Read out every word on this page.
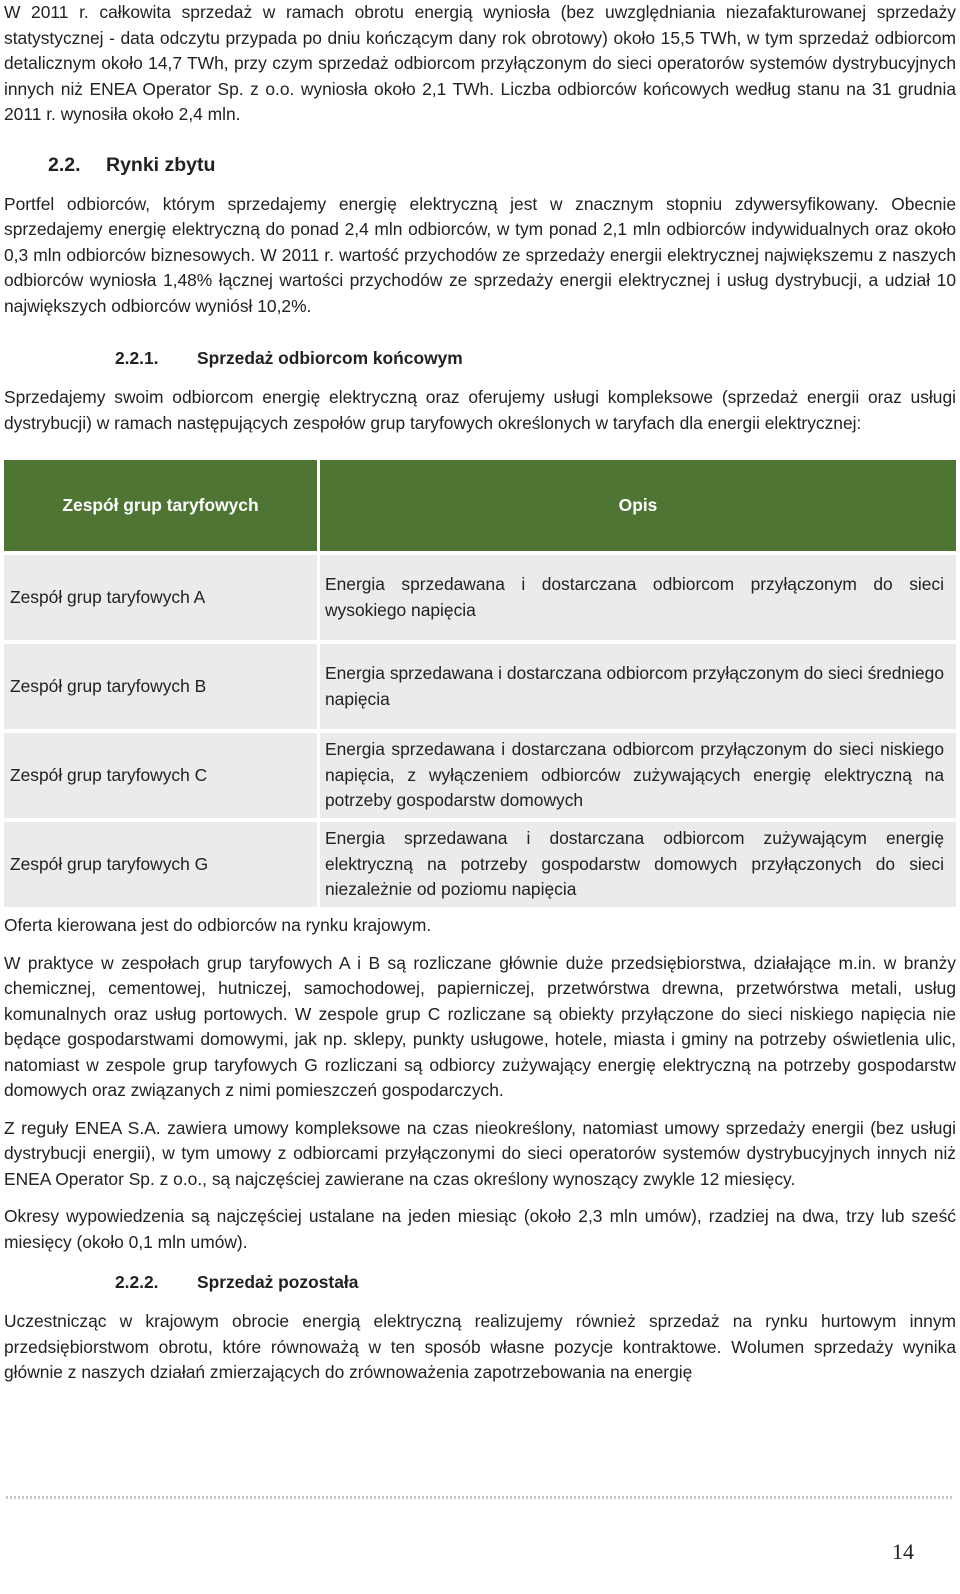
W 2011 r. całkowita sprzedaż w ramach obrotu energią wyniosła (bez uwzględniania niezafakturowanej sprzedaży statystycznej - data odczytu przypada po dniu kończącym dany rok obrotowy) około 15,5 TWh, w tym sprzedaż odbiorcom detalicznym około 14,7 TWh, przy czym sprzedaż odbiorcom przyłączonym do sieci operatorów systemów dystrybucyjnych innych niż ENEA Operator Sp. z o.o. wyniosła około 2,1 TWh. Liczba odbiorców końcowych według stanu na 31 grudnia 2011 r. wynosiła około 2,4 mln.

2.2. Rynki zbytu

Portfel odbiorców, którym sprzedajemy energię elektryczną jest w znacznym stopniu zdywersyfikowany. Obecnie sprzedajemy energię elektryczną do ponad 2,4 mln odbiorców, w tym ponad 2,1 mln odbiorców indywidualnych oraz około 0,3 mln odbiorców biznesowych. W 2011 r. wartość przychodów ze sprzedaży energii elektrycznej największemu z naszych odbiorców wyniosła 1,48% łącznej wartości przychodów ze sprzedaży energii elektrycznej i usług dystrybucji, a udział 10 największych odbiorców wyniósł 10,2%.

2.2.1. Sprzedaż odbiorcom końcowym

Sprzedajemy swoim odbiorcom energię elektryczną oraz oferujemy usługi kompleksowe (sprzedaż energii oraz usługi dystrybucji) w ramach następujących zespołów grup taryfowych określonych w taryfach dla energii elektrycznej:

Zespół grup taryfowych	Opis
Zespół grup taryfowych A	Energia sprzedawana i dostarczana odbiorcom przyłączonym do sieci wysokiego napięcia
Zespół grup taryfowych B	Energia sprzedawana i dostarczana odbiorcom przyłączonym do sieci średniego napięcia
Zespół grup taryfowych C	Energia sprzedawana i dostarczana odbiorcom przyłączonym do sieci niskiego napięcia, z wyłączeniem odbiorców zużywających energię elektryczną na potrzeby gospodarstw domowych
Zespół grup taryfowych G	Energia sprzedawana i dostarczana odbiorcom zużywającym energię elektryczną na potrzeby gospodarstw domowych przyłączonych do sieci niezależnie od poziomu napięcia

Oferta kierowana jest do odbiorców na rynku krajowym.

W praktyce w zespołach grup taryfowych A i B są rozliczane głównie duże przedsiębiorstwa, działające m.in. w branży chemicznej, cementowej, hutniczej, samochodowej, papierniczej, przetwórstwa drewna, przetwórstwa metali, usług komunalnych oraz usług portowych. W zespole grup C rozliczane są obiekty przyłączone do sieci niskiego napięcia nie będące gospodarstwami domowymi, jak np. sklepy, punkty usługowe, hotele, miasta i gminy na potrzeby oświetlenia ulic, natomiast w zespole grup taryfowych G rozliczani są odbiorcy zużywający energię elektryczną na potrzeby gospodarstw domowych oraz związanych z nimi pomieszczeń gospodarczych.

Z reguły ENEA S.A. zawiera umowy kompleksowe na czas nieokreślony, natomiast umowy sprzedaży energii (bez usługi dystrybucji energii), w tym umowy z odbiorcami przyłączonymi do sieci operatorów systemów dystrybucyjnych innych niż ENEA Operator Sp. z o.o., są najczęściej zawierane na czas określony wynoszący zwykle 12 miesięcy.

Okresy wypowiedzenia są najczęściej ustalane na jeden miesiąc (około 2,3 mln umów), rzadziej na dwa, trzy lub sześć miesięcy (około 0,1 mln umów).

2.2.2. Sprzedaż pozostała

Uczestnicząc w krajowym obrocie energią elektryczną realizujemy również sprzedaż na rynku hurtowym innym przedsiębiorstwom obrotu, które równoważą w ten sposób własne pozycje kontraktowe. Wolumen sprzedaży wynika głównie z naszych działań zmierzających do zrównoważenia zapotrzebowania na energię

14
